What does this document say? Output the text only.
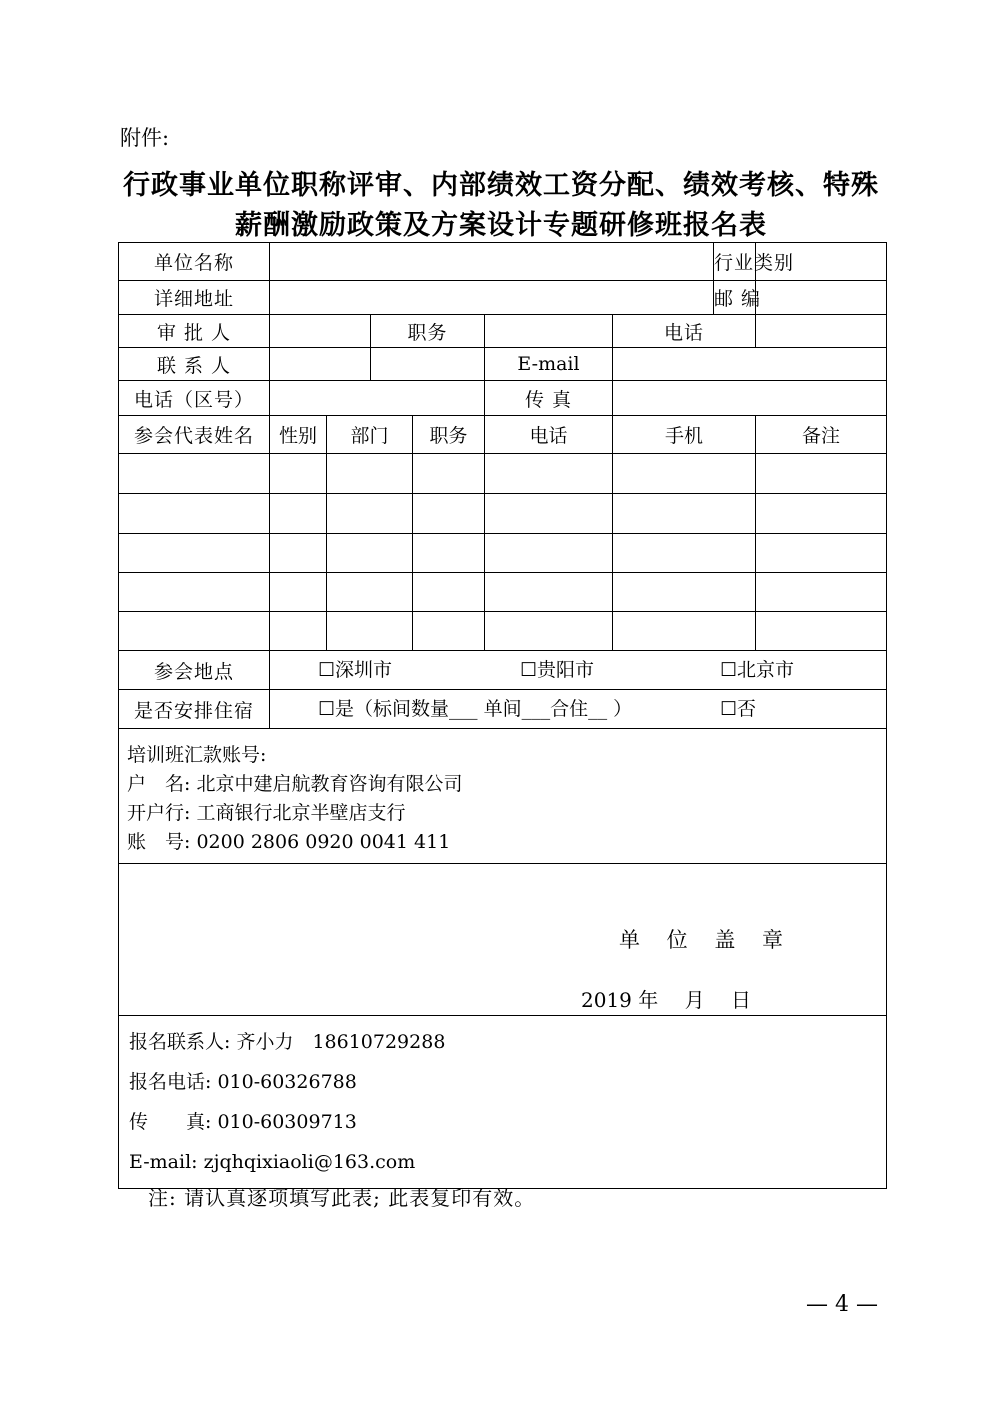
附件:
行政事业单位职称评审、内部绩效工资分配、绩效考核、特殊
薪酬激励政策及方案设计专题研修班报名表
单位名称							行业类别	
详细地址							邮 编	
审 批 人			职务			电话		
联 系 人					E-mail			
电话（区号）					传 真			
参会代表姓名	性别	部门		职务	电话	手机		备注

参会地点	☐深圳市 ☐贵阳市 ☐北京市							

是否安排住宿	☐是（标间数量___ 单间___合住__ ） ☐否							

培训班汇款账号:
户　名: 北京中建启航教育咨询有限公司
开户行: 工商银行北京半壁店支行
账　号: 0200 2806 0920 0041 411								

单 位 盖 章
2019 年　 月　 日								

报名联系人: 齐小力　18610729288
报名电话: 010-60326788
传　　真: 010-60309713
E-mail: zjqhqixiaoli@163.com								
注: 请认真逐项填写此表; 此表复印有效。
— 4 —
